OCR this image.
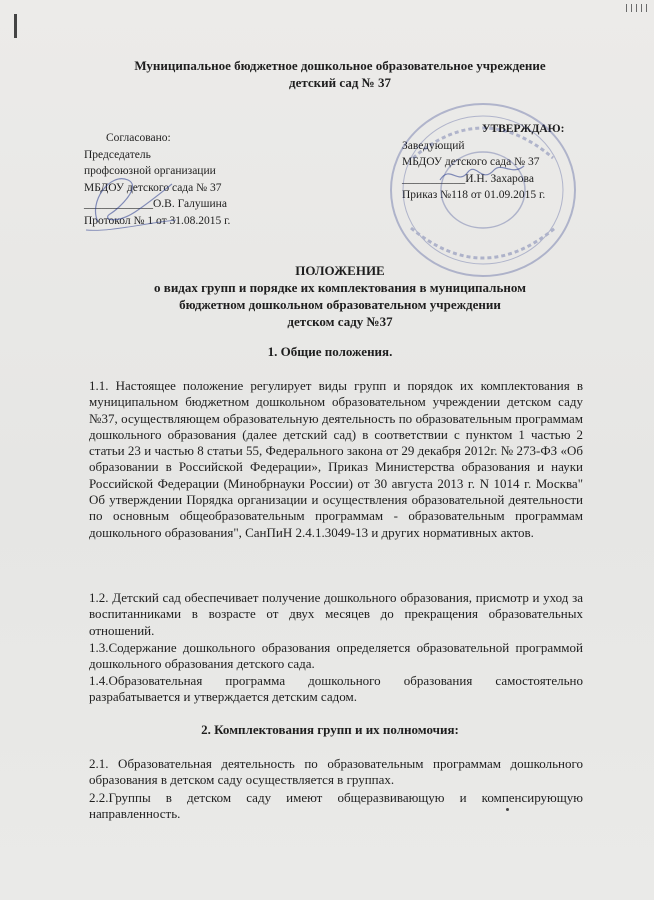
Муниципальное бюджетное дошкольное образовательное учреждение
детский сад № 37
Согласовано:
Председатель
профсоюзной организации
МБДОУ детского сада № 37
____________О.В. Галушина
Протокол № 1 от 31.08.2015 г.
УТВЕРЖДАЮ:
Заведующий
МБДОУ детского сада № 37
___________И.Н. Захарова
Приказ №118 от 01.09.2015 г.
ПОЛОЖЕНИЕ
о видах групп и порядке их комплектования в муниципальном
бюджетном дошкольном образовательном учреждении
детском саду №37
1. Общие положения.
1.1. Настоящее положение регулирует виды групп и порядок их комплектования в муниципальном бюджетном дошкольном образовательном учреждении детском саду №37, осуществляющем образовательную деятельность по образовательным программам дошкольного образования (далее детский сад) в соответствии с пунктом 1 частью 2 статьи 23 и частью 8 статьи 55, Федерального закона от 29 декабря 2012г. № 273-ФЗ «Об образовании в Российской Федерации», Приказ Министерства образования и науки Российской Федерации (Минобрнауки России) от 30 августа 2013 г. N 1014 г. Москва" Об утверждении Порядка организации и осуществления образовательной деятельности по основным общеобразовательным программам - образовательным программам дошкольного образования", СанПиН 2.4.1.3049-13 и других нормативных актов.
1.2. Детский сад обеспечивает получение дошкольного образования, присмотр и уход за воспитанниками в возрасте от двух месяцев до прекращения образовательных отношений.
1.3.Содержание дошкольного образования определяется образовательной программой дошкольного образования детского сада.
1.4.Образовательная программа дошкольного образования самостоятельно разрабатывается и утверждается детским садом.
2. Комплектования групп и их полномочия:
2.1. Образовательная деятельность по образовательным программам дошкольного образования в детском саду осуществляется в группах.
2.2.Группы в детском саду имеют общеразвивающую и компенсирующую направленность.
